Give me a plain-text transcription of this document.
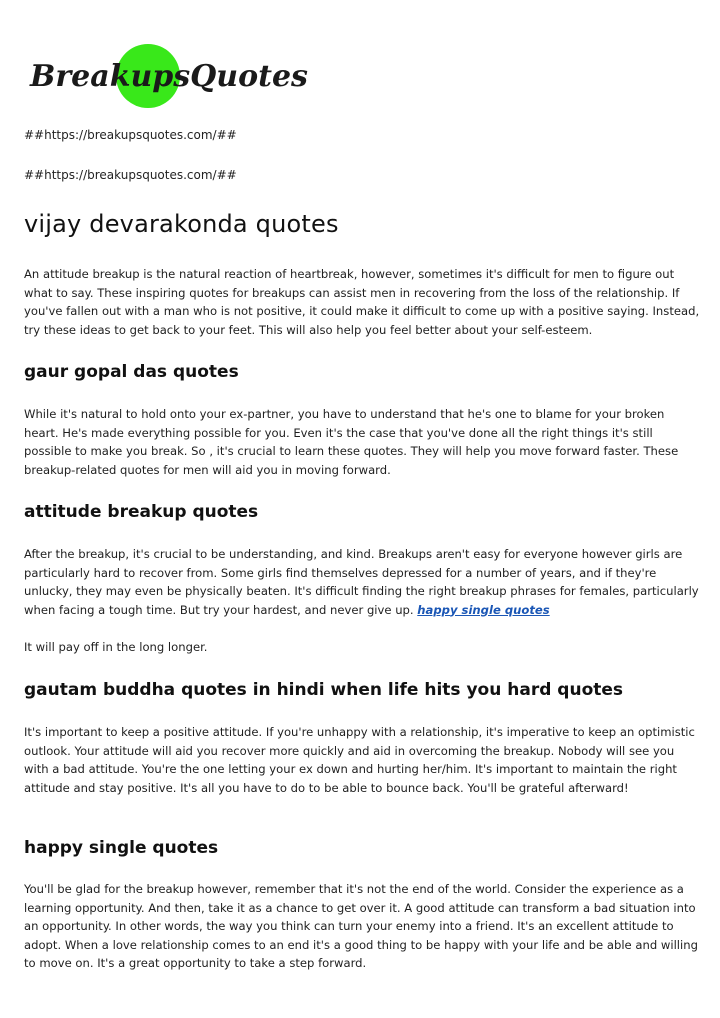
BreakupsQuotes
##https://breakupsquotes.com/##
##https://breakupsquotes.com/##
vijay devarakonda quotes

An attitude breakup is the natural reaction of heartbreak, however, sometimes it's difficult for men to figure out what to say. These inspiring quotes for breakups can assist men in recovering from the loss of the relationship. If you've fallen out with a man who is not positive, it could make it difficult to come up with a positive saying. Instead, try these ideas to get back to your feet. This will also help you feel better about your self-esteem.

gaur gopal das quotes

While it's natural to hold onto your ex-partner, you have to understand that he's one to blame for your broken heart. He's made everything possible for you. Even it's the case that you've done all the right things it's still possible to make you break. So , it's crucial to learn these quotes. They will help you move forward faster. These breakup-related quotes for men will aid you in moving forward.

attitude breakup quotes

After the breakup, it's crucial to be understanding, and kind. Breakups aren't easy for everyone however girls are particularly hard to recover from. Some girls find themselves depressed for a number of years, and if they're unlucky, they may even be physically beaten. It's difficult finding the right breakup phrases for females, particularly when facing a tough time. But try your hardest, and never give up. happy single quotes

It will pay off in the long longer.

gautam buddha quotes in hindi when life hits you hard quotes

It's important to keep a positive attitude. If you're unhappy with a relationship, it's imperative to keep an optimistic outlook. Your attitude will aid you recover more quickly and aid in overcoming the breakup. Nobody will see you with a bad attitude. You're the one letting your ex down and hurting her/him. It's important to maintain the right attitude and stay positive. It's all you have to do to be able to bounce back. You'll be grateful afterward!

happy single quotes

You'll be glad for the breakup however, remember that it's not the end of the world. Consider the experience as a learning opportunity. And then, take it as a chance to get over it. A good attitude can transform a bad situation into an opportunity. In other words, the way you think can turn your enemy into a friend. It's an excellent attitude to adopt. When a love relationship comes to an end it's a good thing to be happy with your life and be able and willing to move on. It's a great opportunity to take a step forward.
